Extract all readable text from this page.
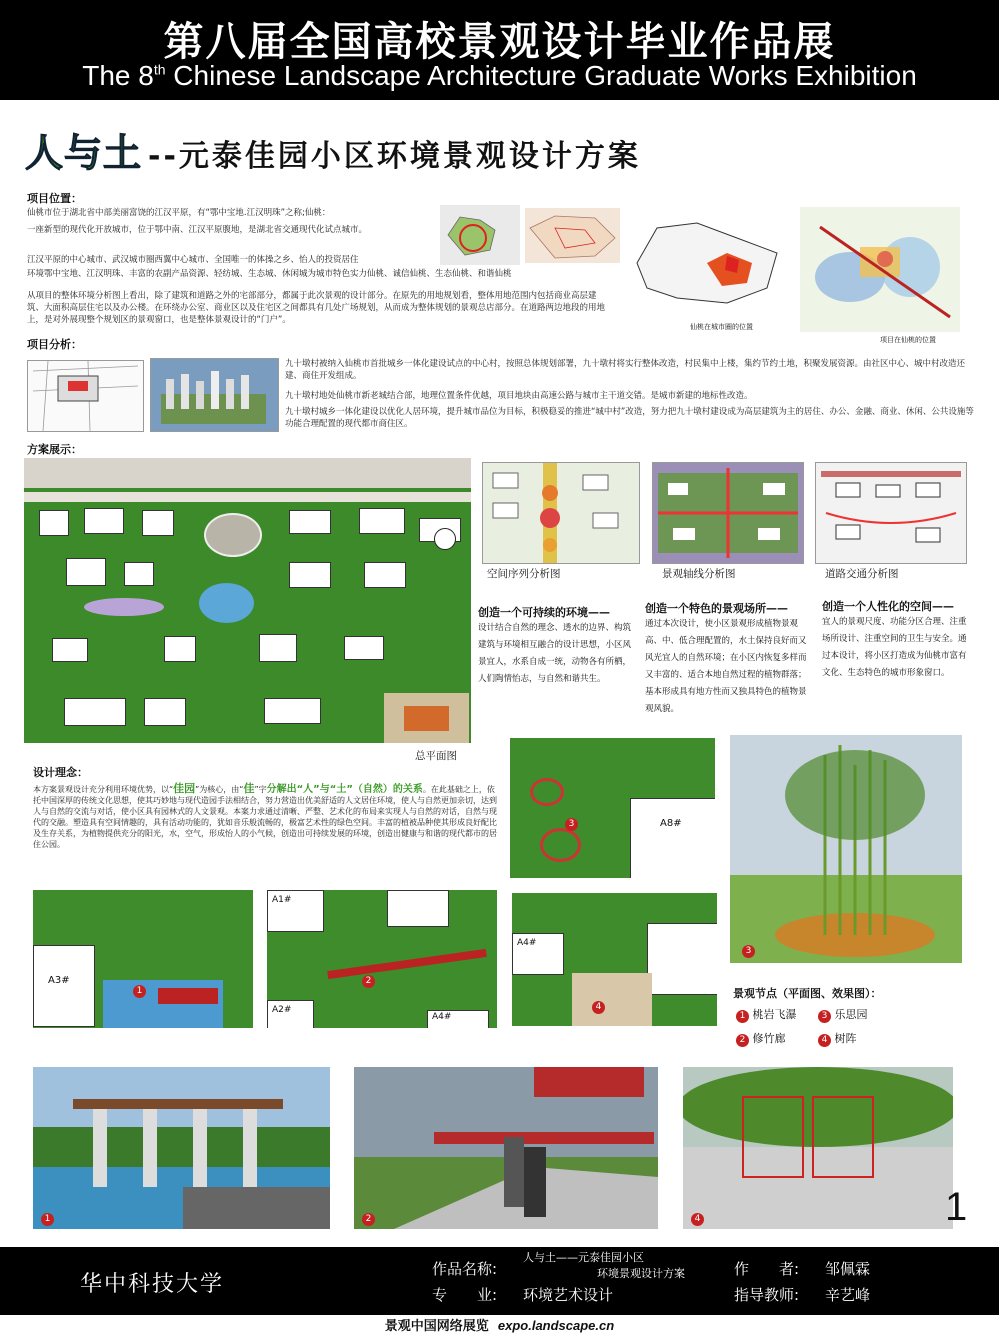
第八届全国高校景观设计毕业作品展
The 8th Chinese Landscape Architecture Graduate Works Exhibition
人与土 --元泰佳园小区环境景观设计方案
项目位置：
仙桃市位于湖北省中部美丽富饶的江汉平原，有“鄂中宝地.江汉明珠”之称;仙桃：
一座新型的现代化开放城市，位于鄂中南、江汉平原腹地，是湖北省交通现代化试点城市。
江汉平原的中心城市、武汉城市圈西翼中心城市、全国唯一的体操之乡、怡人的投资居住
环境鄂中宝地、江汉明珠、丰富的农副产品资源、轻纺城、生态城、休闲城为城市特色实力仙桃、诚信仙桃、生态仙桃、和谐仙桃
从项目的整体环境分析图上看出，除了建筑和道路之外的宅部部分，都属于此次景观的设计部分。在原先的用地规划看，整体用地范围内包括商业高层建筑、大面积高层住宅以及办公楼。在环绕办公室、商业区以及住宅区之间都具有几处广场规划，从而成为整体规划的景观总店部分。在道路两边地段的用地上，是对外展现整个规划区的景观窗口，也是整体景观设计的“门户”。
仙桃在城市圈的位置
项目在仙桃的位置
项目分析：
九十墩村被纳入仙桃市首批城乡一体化建设试点的中心村，按照总体规划部署，九十墩村将实行整体改造，村民集中上楼，集约节约土地，积聚发展资源。由社区中心、城中村改造还建、商住开发组成。
九十墩村地处仙桃市新老城结合部，地理位置条件优越，项目地块由高速公路与城市主干道交错。是城市新建的地标性改造。
九十墩村城乡一体化建设以优化人居环境，提升城市品位为目标，积极稳妥的推进“城中村”改造，努力把九十墩村建设成为高层建筑为主的居住、办公、金融、商业、休闲、公共设施等功能合理配置的现代都市商住区。
方案展示：
总平面图
空间序列分析图	景观轴线分析图	道路交通分析图
创造一个可持续的环境——
设计结合自然的理念、透水的边界、构筑建筑与环境相互融合的设计思想，小区风景宜人，水系自成一统，动物各有所栖，人们陶情怡志，与自然和谐共生。
创造一个特色的景观场所——
通过本次设计，使小区景观形成植物景观高、中、低合理配置的，水土保持良好而又风光宜人的自然环境；在小区内恢复多样而又丰富的、适合本地自然过程的植物群落；基本形成具有地方性而又独具特色的植物景观风貌。
创造一个人性化的空间——
宜人的景观尺度、功能分区合理、注重场所设计、注重空间的卫生与安全。通过本设计，将小区打造成为仙桃市富有文化、生态特色的城市形象窗口。
设计理念：
本方案景观设计充分利用环境优势，以“佳园”为核心，由“佳”字分解出“人”与“土”（自然）的关系。在此基础之上，依托中国深厚的传统文化思想，使其巧妙地与现代造园手法相结合，努力营造出优美舒适的人文居住环境，使人与自然更加亲切，达到人与自然的交流与对话，使小区具有园林式的人文景观。本案力求通过清晰、严整、艺术化的布局来实现人与自然的对话，自然与现代的交融。塑造具有空间情趣的，具有活动功能的，犹如音乐般流畅的，极富艺术性的绿色空间。丰富的植被品种使其形成良好配比及生存关系，为植物提供充分的阳光，水，空气，形成怡人的小气候，创造出可持续发展的环境，创造出健康与和谐的现代都市的居住公园。
A8#
3
3
A3#
1
A1#
A2#
A4#
2
A4#
4
景观节点（平面图、效果图）：
1 桃岩飞瀑	3 乐思园
2 修竹廊	4 树阵
1	2	4	1
华中科技大学
作品名称:
人与土——元泰佳园小区
环境景观设计方案	作　　者: 邹佩霖
专　　业: 环境艺术设计	指导教师: 辛艺峰
景观中国网络展览 expo.landscape.cn
